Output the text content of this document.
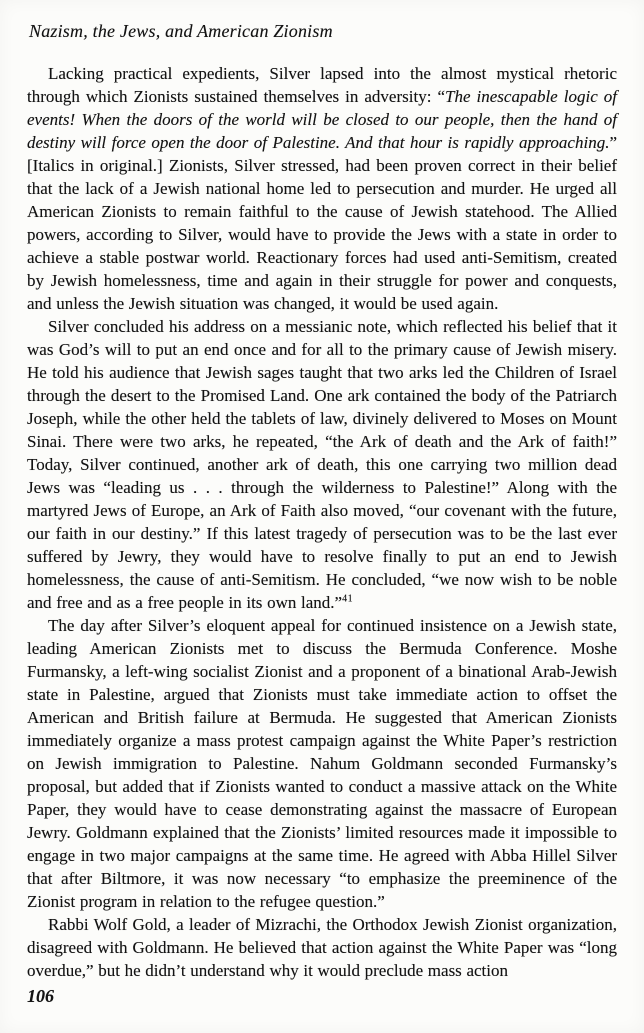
Nazism, the Jews, and American Zionism

Lacking practical expedients, Silver lapsed into the almost mystical rhetoric through which Zionists sustained themselves in adversity: “The inescapable logic of events! When the doors of the world will be closed to our people, then the hand of destiny will force open the door of Palestine. And that hour is rapidly approaching.” [Italics in original.] Zionists, Silver stressed, had been proven correct in their belief that the lack of a Jewish national home led to persecution and murder. He urged all American Zionists to remain faithful to the cause of Jewish statehood. The Allied powers, according to Silver, would have to provide the Jews with a state in order to achieve a stable postwar world. Reactionary forces had used anti-Semitism, created by Jewish homelessness, time and again in their struggle for power and conquests, and unless the Jewish situation was changed, it would be used again.

Silver concluded his address on a messianic note, which reflected his belief that it was God’s will to put an end once and for all to the primary cause of Jewish misery. He told his audience that Jewish sages taught that two arks led the Children of Israel through the desert to the Promised Land. One ark contained the body of the Patriarch Joseph, while the other held the tablets of law, divinely delivered to Moses on Mount Sinai. There were two arks, he repeated, “the Ark of death and the Ark of faith!” Today, Silver continued, another ark of death, this one carrying two million dead Jews was “leading us . . . through the wilderness to Palestine!” Along with the martyred Jews of Europe, an Ark of Faith also moved, “our covenant with the future, our faith in our destiny.” If this latest tragedy of persecution was to be the last ever suffered by Jewry, they would have to resolve finally to put an end to Jewish homelessness, the cause of anti-Semitism. He concluded, “we now wish to be noble and free and as a free people in its own land.”$^{41}$

The day after Silver’s eloquent appeal for continued insistence on a Jewish state, leading American Zionists met to discuss the Bermuda Conference. Moshe Furmansky, a left-wing socialist Zionist and a proponent of a binational Arab-Jewish state in Palestine, argued that Zionists must take immediate action to offset the American and British failure at Bermuda. He suggested that American Zionists immediately organize a mass protest campaign against the White Paper’s restriction on Jewish immigration to Palestine. Nahum Goldmann seconded Furmansky’s proposal, but added that if Zionists wanted to conduct a massive attack on the White Paper, they would have to cease demonstrating against the massacre of European Jewry. Goldmann explained that the Zionists’ limited resources made it impossible to engage in two major campaigns at the same time. He agreed with Abba Hillel Silver that after Biltmore, it was now necessary “to emphasize the preeminence of the Zionist program in relation to the refugee question.”

Rabbi Wolf Gold, a leader of Mizrachi, the Orthodox Jewish Zionist organization, disagreed with Goldmann. He believed that action against the White Paper was “long overdue,” but he didn’t understand why it would preclude mass action

106
